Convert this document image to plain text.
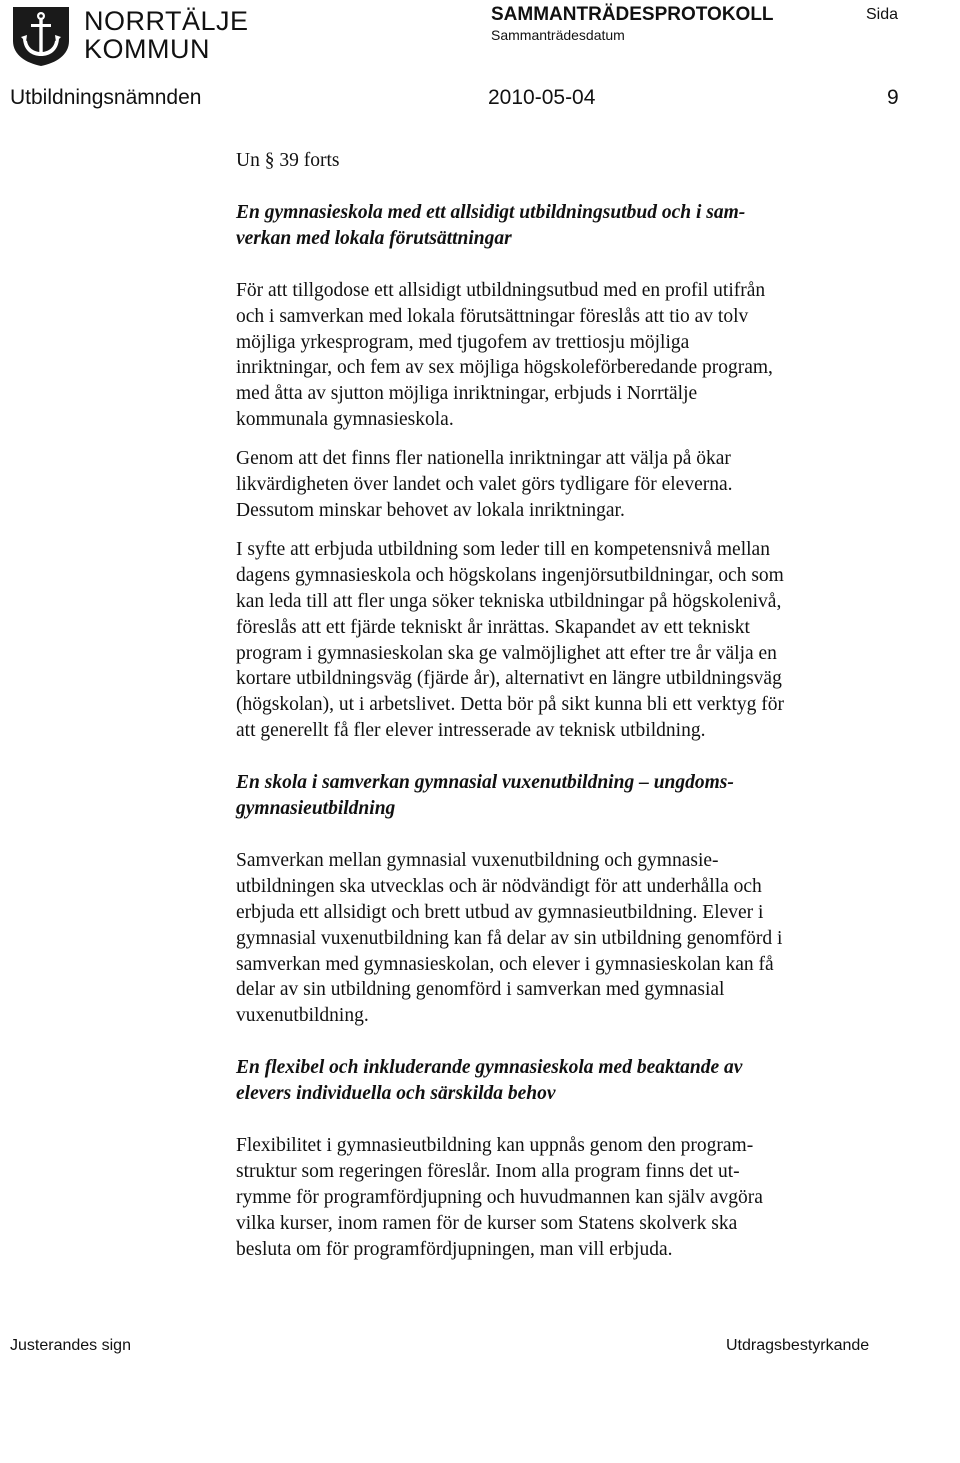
NORRTÄLJE
KOMMUN
SAMMANTRÄDESPROTOKOLL	Sida
Sammanträdesdatum
Utbildningsnämnden	2010-05-04	9

Un § 39 forts

En gymnasieskola med ett allsidigt utbildningsutbud och i sam-
verkan med lokala förutsättningar
För att tillgodose ett allsidigt utbildningsutbud med en profil utifrån
och i samverkan med lokala förutsättningar föreslås att tio av tolv
möjliga yrkesprogram, med tjugofem av trettiosju möjliga
inriktningar, och fem av sex möjliga högskoleförberedande program,
med åtta av sjutton möjliga inriktningar, erbjuds i Norrtälje
kommunala gymnasieskola.
Genom att det finns fler nationella inriktningar att välja på ökar
likvärdigheten över landet och valet görs tydligare för eleverna.
Dessutom minskar behovet av lokala inriktningar.
I syfte att erbjuda utbildning som leder till en kompetensnivå mellan
dagens gymnasieskola och högskolans ingenjörsutbildningar, och som
kan leda till att fler unga söker tekniska utbildningar på högskolenivå,
föreslås att ett fjärde tekniskt år inrättas. Skapandet av ett tekniskt
program i gymnasieskolan ska ge valmöjlighet att efter tre år välja en
kortare utbildningsväg (fjärde år), alternativt en längre utbildningsväg
(högskolan), ut i arbetslivet. Detta bör på sikt kunna bli ett verktyg för
att generellt få fler elever intresserade av teknisk utbildning.
En skola i samverkan gymnasial vuxenutbildning – ungdoms-
gymnasieutbildning
Samverkan mellan gymnasial vuxenutbildning och gymnasie-
utbildningen ska utvecklas och är nödvändigt för att underhålla och
erbjuda ett allsidigt och brett utbud av gymnasieutbildning. Elever i
gymnasial vuxenutbildning kan få delar av sin utbildning genomförd i
samverkan med gymnasieskolan, och elever i gymnasieskolan kan få
delar av sin utbildning genomförd i samverkan med gymnasial
vuxenutbildning.
En flexibel och inkluderande gymnasieskola med beaktande av
elevers individuella och särskilda behov
Flexibilitet i gymnasieutbildning kan uppnås genom den program-
struktur som regeringen föreslår. Inom alla program finns det ut-
rymme för programfördjupning och huvudmannen kan själv avgöra
vilka kurser, inom ramen för de kurser som Statens skolverk ska
besluta om för programfördjupningen, man vill erbjuda.
Justerandes sign	Utdragsbestyrkande
